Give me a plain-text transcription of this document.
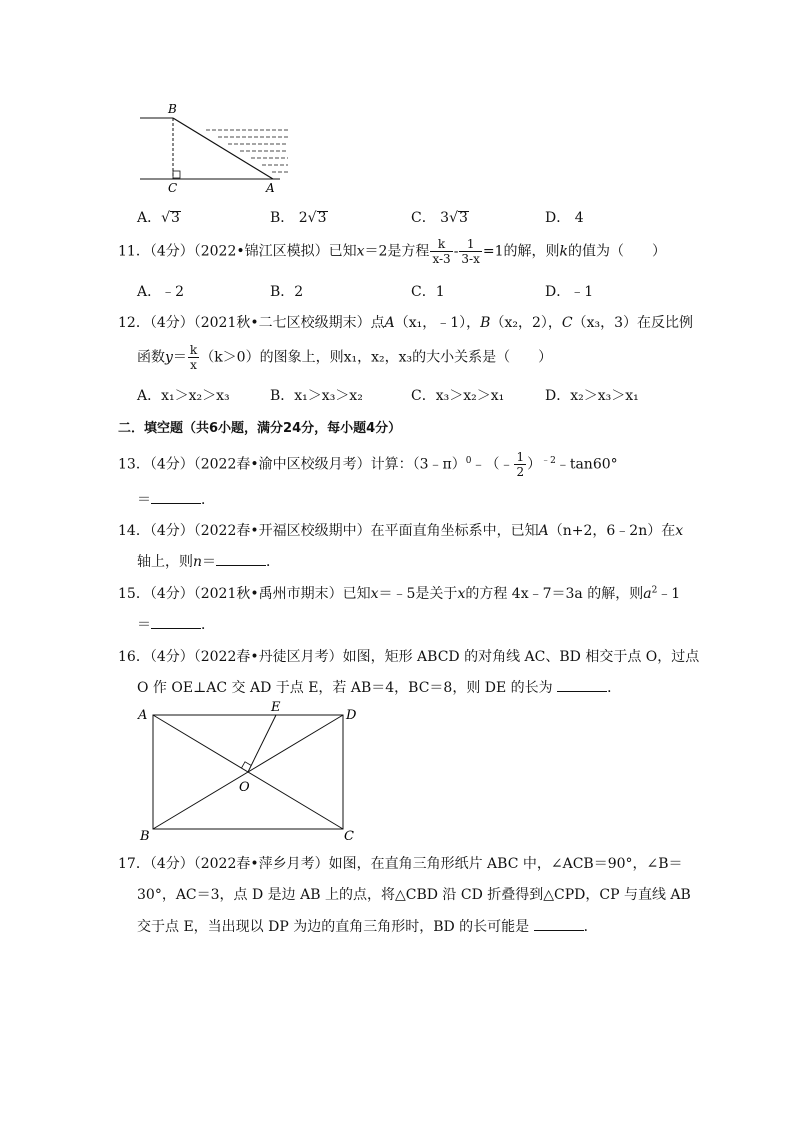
B
C	A
A．√3	B． 2√3	C． 3√3	D． 4
11．（4分）（2022•锦江区模拟）已知x＝2是方程 $\frac{k}{x-3} - \frac{1}{3-x} =1$的解，则k的值为（　　）
A．﹣2	B．2	C．1	D．﹣1
12．（4分）（2021秋•二七区校级期末）点A（x₁，﹣1），B（x₂，2），C（x₃，3）在反比例
函数$y= \frac{k}{x} (k>0)$的图象上，则x₁，x₂，x₃的大小关系是（　　）
A．x₁＞x₂＞x₃	B．x₁＞x₃＞x₂	C．x₃＞x₂＞x₁	D．x₂＞x₃＞x₁
二．填空题（共6小题，满分24分，每小题4分）
13．（4分）（2022春•渝中区校级月考）计算：（3﹣π）$^0$﹣（﹣ $\frac{1}{2}$ ）$^{﹣2}$﹣tan60°
＝	．
14．（4分）（2022春•开福区校级期中）在平面直角坐标系中，已知A（n+2，6﹣2n）在x
轴上，则n＝	．
15．（4分）（2021秋•禹州市期末）已知x＝﹣5是关于x的方程 4x﹣7＝3a 的解，则$a^2﹣1$
＝	．
16．（4分）（2022春•丹徒区月考）如图，矩形 ABCD 的对角线 AC、BD 相交于点 O，过点
O 作 OE⊥AC 交 AD 于点 E，若 AB＝4，BC＝8，则 DE 的长为	．
A	D
B	C
E
O
17．（4分）（2022春•萍乡月考）如图，在直角三角形纸片 ABC 中，∠ACB＝90°，∠B＝
30°，AC＝3，点 D 是边 AB 上的点，将△CBD 沿 CD 折叠得到△CPD，CP 与直线 AB
交于点 E，当出现以 DP 为边的直角三角形时，BD 的长可能是	．
